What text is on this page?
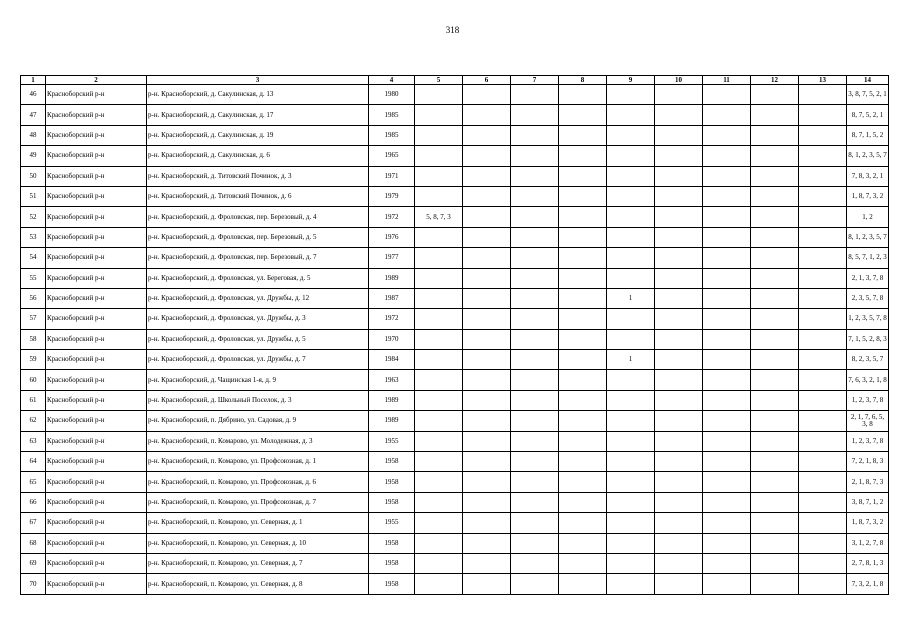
318
1	2	3	4	5	6	7	8	9	10	11	12	13	14
46	Красноборский р-н	р-н. Красноборский, д. Сакулинская, д. 13	1980										3, 8, 7, 5, 2, 1
47	Красноборский р-н	р-н. Красноборский, д. Сакулинская, д. 17	1985										8, 7, 5, 2, 1
48	Красноборский р-н	р-н. Красноборский, д. Сакулинская, д. 19	1985										8, 7, 1, 5, 2
49	Красноборский р-н	р-н. Красноборский, д. Сакулинская, д. 6	1965										8, 1, 2, 3, 5, 7
50	Красноборский р-н	р-н. Красноборский, д. Титовский Починок, д. 3	1971										7, 8, 3, 2, 1
51	Красноборский р-н	р-н. Красноборский, д. Титовский Починок, д. 6	1979										1, 8, 7, 3, 2
52	Красноборский р-н	р-н. Красноборский, д. Фроловская, пер. Березовый, д. 4	1972	5, 8, 7, 3									1, 2
53	Красноборский р-н	р-н. Красноборский, д. Фроловская, пер. Березовый, д. 5	1976										8, 1, 2, 3, 5, 7
54	Красноборский р-н	р-н. Красноборский, д. Фроловская, пер. Березовый, д. 7	1977										8, 5, 7, 1, 2, 3
55	Красноборский р-н	р-н. Красноборский, д. Фроловская, ул. Береговая, д. 5	1989										2, 1, 3, 7, 8
56	Красноборский р-н	р-н. Красноборский, д. Фроловская, ул. Дружбы, д. 12	1987					1					2, 3, 5, 7, 8
57	Красноборский р-н	р-н. Красноборский, д. Фроловская, ул. Дружбы, д. 3	1972										1, 2, 3, 5, 7, 8
58	Красноборский р-н	р-н. Красноборский, д. Фроловская, ул. Дружбы, д. 5	1970										7, 1, 5, 2, 8, 3
59	Красноборский р-н	р-н. Красноборский, д. Фроловская, ул. Дружбы, д. 7	1984					1					8, 2, 3, 5, 7
60	Красноборский р-н	р-н. Красноборский, д. Чащинская 1-я, д. 9	1963										7, 6, 3, 2, 1, 8
61	Красноборский р-н	р-н. Красноборский, д. Школьный Поселок, д. 3	1989										1, 2, 3, 7, 8
62	Красноборский р-н	р-н. Красноборский, п. Дябрино, ул. Садовая, д. 9	1989										2, 1, 7, 6, 5, 3, 8
63	Красноборский р-н	р-н. Красноборский, п. Комарово, ул. Молодежная, д. 3	1955										1, 2, 3, 7, 8
64	Красноборский р-н	р-н. Красноборский, п. Комарово, ул. Профсоюзная, д. 1	1958										7, 2, 1, 8, 3
65	Красноборский р-н	р-н. Красноборский, п. Комарово, ул. Профсоюзная, д. 6	1958										2, 1, 8, 7, 3
66	Красноборский р-н	р-н. Красноборский, п. Комарово, ул. Профсоюзная, д. 7	1958										3, 8, 7, 1, 2
67	Красноборский р-н	р-н. Красноборский, п. Комарово, ул. Северная, д. 1	1955										1, 8, 7, 3, 2
68	Красноборский р-н	р-н. Красноборский, п. Комарово, ул. Северная, д. 10	1958										3, 1, 2, 7, 8
69	Красноборский р-н	р-н. Красноборский, п. Комарово, ул. Северная, д. 7	1958										2, 7, 8, 1, 3
70	Красноборский р-н	р-н. Красноборский, п. Комарово, ул. Северная, д. 8	1958										7, 3, 2, 1, 8
